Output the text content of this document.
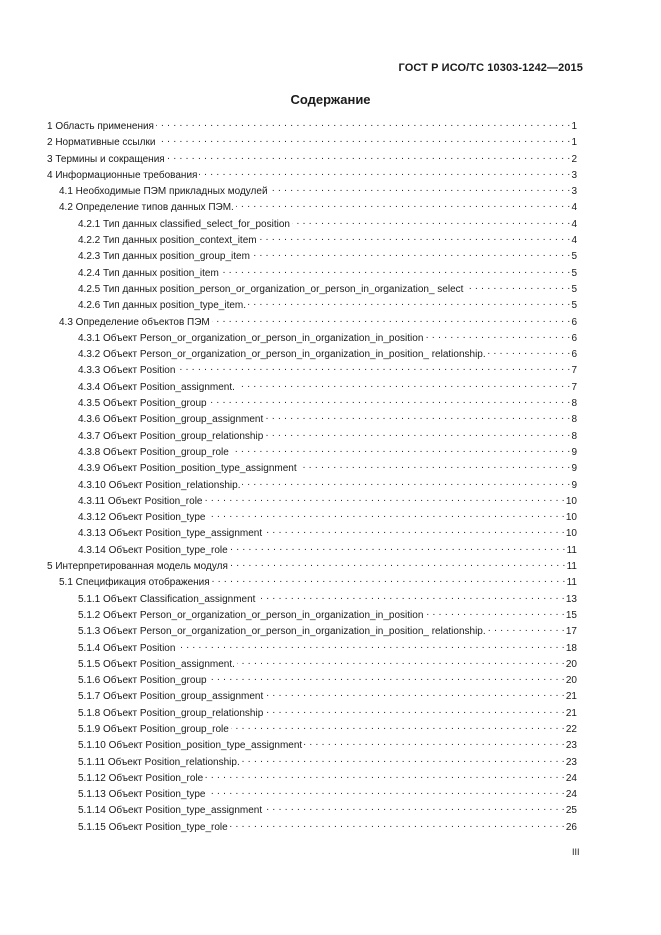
ГОСТ Р ИСО/ТС 10303-1242—2015
Содержание
1 Область применения . . .	1
2 Нормативные ссылки . . .	1
3 Термины и сокращения . . .	2
4 Информационные требования . . .	3
4.1 Необходимые ПЭМ прикладных модулей . . .	3
4.2 Определение типов данных ПЭМ. . . .	4
4.2.1 Тип данных classified_select_for_position . . .	4
4.2.2 Тип данных position_context_item . . .	4
4.2.3 Тип данных position_group_item . . .	5
4.2.4 Тип данных position_item . . .	5
4.2.5 Тип данных position_person_or_organization_or_person_in_organization_ select . . .	5
4.2.6 Тип данных position_type_item. . . .	5
4.3 Определение объектов ПЭМ . . .	6
4.3.1 Объект Person_or_organization_or_person_in_organization_in_position . . .	6
4.3.2 Объект Person_or_organization_or_person_in_organization_in_position_ relationship. . . .	6
4.3.3 Объект Position . . .	7
4.3.4 Объект Position_assignment. . . .	7
4.3.5 Объект Position_group . . .	8
4.3.6 Объект Position_group_assignment . . .	8
4.3.7 Объект Position_group_relationship . . .	8
4.3.8 Объект Position_group_role . . .	9
4.3.9 Объект Position_position_type_assignment . . .	9
4.3.10 Объект Position_relationship. . . .	9
4.3.11 Объект Position_role . . .	10
4.3.12 Объект Position_type . . .	10
4.3.13 Объект Position_type_assignment . . .	10
4.3.14 Объект Position_type_role . . .	11
5 Интерпретированная модель модуля . . .	11
5.1 Спецификация отображения . . .	11
5.1.1 Объект Classification_assignment . . .	13
5.1.2 Объект Person_or_organization_or_person_in_organization_in_position . . .	15
5.1.3 Объект Person_or_organization_or_person_in_organization_in_position_ relationship. . . .	17
5.1.4 Объект Position . . .	18
5.1.5 Объект Position_assignment. . . .	20
5.1.6 Объект Position_group . . .	20
5.1.7 Объект Position_group_assignment . . .	21
5.1.8 Объект Position_group_relationship . . .	21
5.1.9 Объект Position_group_role . . .	22
5.1.10 Объект Position_position_type_assignment . . .	23
5.1.11 Объект Position_relationship. . . .	23
5.1.12 Объект Position_role . . .	24
5.1.13 Объект Position_type . . .	24
5.1.14 Объект Position_type_assignment . . .	25
5.1.15 Объект Position_type_role . . .	26
III
